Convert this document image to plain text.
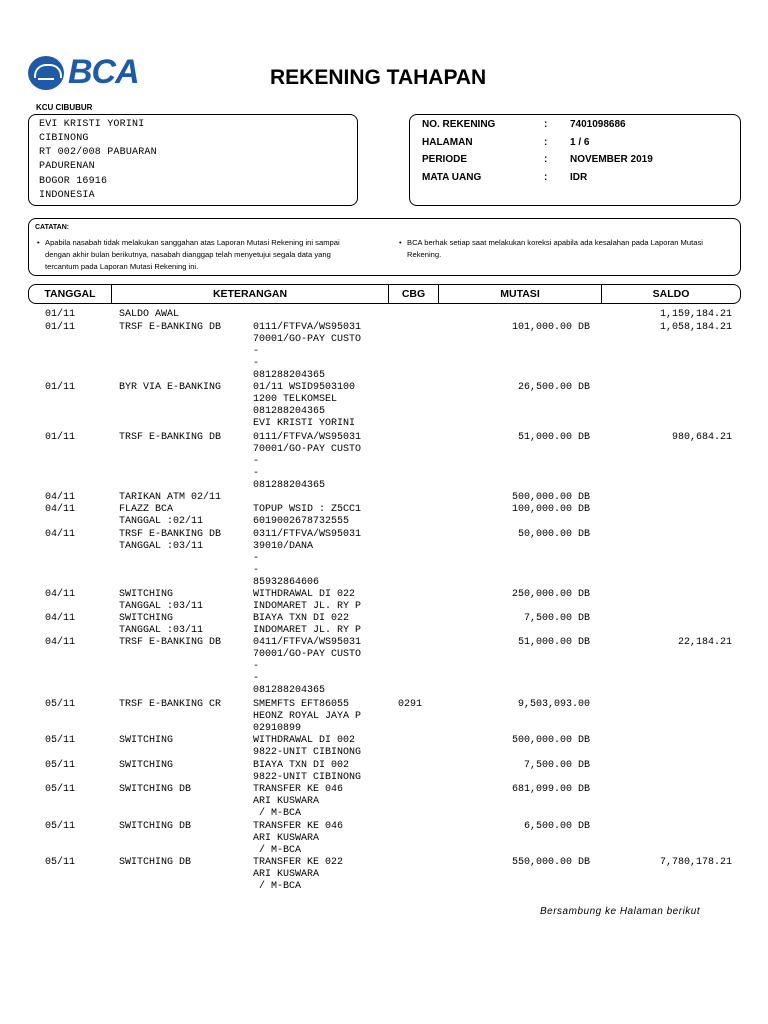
BCA	REKENING TAHAPAN
KCU CIBUBUR
EVI KRISTI YORINI
CIBINONG
RT 002/008 PABUARAN
PADURENAN
BOGOR 16916
INDONESIA
NO. REKENING	: 7401098686
HALAMAN	: 1 / 6
PERIODE	: NOVEMBER 2019
MATA UANG	: IDR
CATATAN:
• Apabila nasabah tidak melakukan sanggahan atas Laporan Mutasi Rekening ini sampai
dengan akhir bulan berikutnya, nasabah dianggap telah menyetujui segala data yang
tercantum pada Laporan Mutasi Rekening ini.
• BCA berhak setiap saat melakukan koreksi apabila ada kesalahan pada Laporan Mutasi
Rekening.
TANGGAL	KETERANGAN	CBG	MUTASI	SALDO
01/11	SALDO AWAL	1,159,184.21
01/11	TRSF E-BANKING DB	0111/FTFVA/WS95031
70001/GO-PAY CUSTO
-
-
081288204365
101,000.00 DB	1,058,184.21
01/11	BYR VIA E-BANKING	01/11 WSID9503100
1200 TELKOMSEL
081288204365
EVI KRISTI YORINI
26,500.00 DB
01/11	TRSF E-BANKING DB	0111/FTFVA/WS95031
70001/GO-PAY CUSTO
-
-
081288204365
51,000.00 DB	980,684.21
04/11	TARIKAN ATM 02/11	500,000.00 DB
04/11	FLAZZ BCA
TANGGAL :02/11
TOPUP WSID : Z5CC1
6019002678732555
100,000.00 DB
04/11	TRSF E-BANKING DB
TANGGAL :03/11
0311/FTFVA/WS95031
39010/DANA
-
-
85932864606
50,000.00 DB
04/11	SWITCHING
TANGGAL :03/11
WITHDRAWAL DI 022
INDOMARET JL. RY P
250,000.00 DB
04/11	SWITCHING
TANGGAL :03/11
BIAYA TXN DI 022
INDOMARET JL. RY P
7,500.00 DB
04/11	TRSF E-BANKING DB	0411/FTFVA/WS95031
70001/GO-PAY CUSTO
-
-
081288204365
51,000.00 DB	22,184.21
05/11	TRSF E-BANKING CR	SMEMFTS EFT86055
HEONZ ROYAL JAYA P
02910899
0291	9,503,093.00
05/11	SWITCHING	WITHDRAWAL DI 002
9822-UNIT CIBINONG
500,000.00 DB
05/11	SWITCHING	BIAYA TXN DI 002
9822-UNIT CIBINONG
7,500.00 DB
05/11	SWITCHING DB	TRANSFER KE 046
ARI KUSWARA
/ M-BCA
681,099.00 DB
05/11	SWITCHING DB	TRANSFER KE 046
ARI KUSWARA
/ M-BCA
6,500.00 DB
05/11	SWITCHING DB	TRANSFER KE 022
ARI KUSWARA
/ M-BCA
550,000.00 DB	7,780,178.21
Bersambung ke Halaman berikut
